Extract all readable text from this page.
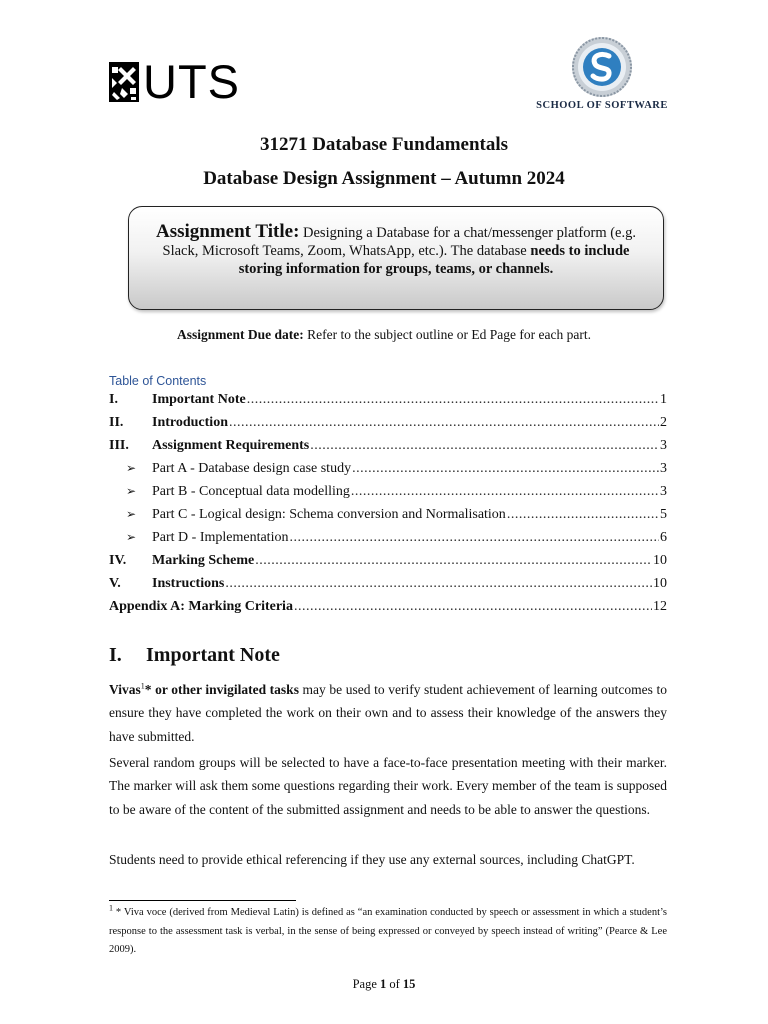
UTS	SCHOOL OF SOFTWARE
31271 Database Fundamentals
Database Design Assignment – Autumn 2024
Assignment Title: Designing a Database for a chat/messenger platform (e.g. Slack, Microsoft Teams, Zoom, WhatsApp, etc.). The database needs to include storing information for groups, teams, or channels.
Assignment Due date: Refer to the subject outline or Ed Page for each part.
Table of Contents
I.	Important Note .....	1
II.	Introduction .....	2
III.	Assignment Requirements .....	3
➢	Part A - Database design case study .....	3
➢	Part B - Conceptual data modelling .....	3
➢	Part C - Logical design: Schema conversion and Normalisation .....	5
➢	Part D - Implementation .....	6
IV.	Marking Scheme .....	10
V.	Instructions .....	10
Appendix A: Marking Criteria .....	12
I. Important Note
Vivas$^1$* or other invigilated tasks may be used to verify student achievement of learning outcomes to ensure they have completed the work on their own and to assess their knowledge of the answers they have submitted.
Several random groups will be selected to have a face-to-face presentation meeting with their marker. The marker will ask them some questions regarding their work. Every member of the team is supposed to be aware of the content of the submitted assignment and needs to be able to answer the questions.
Students need to provide ethical referencing if they use any external sources, including ChatGPT.
$^1$ * Viva voce (derived from Medieval Latin) is defined as “an examination conducted by speech or assessment in which a student’s response to the assessment task is verbal, in the sense of being expressed or conveyed by speech instead of writing” (Pearce & Lee 2009).
Page 1 of 15
